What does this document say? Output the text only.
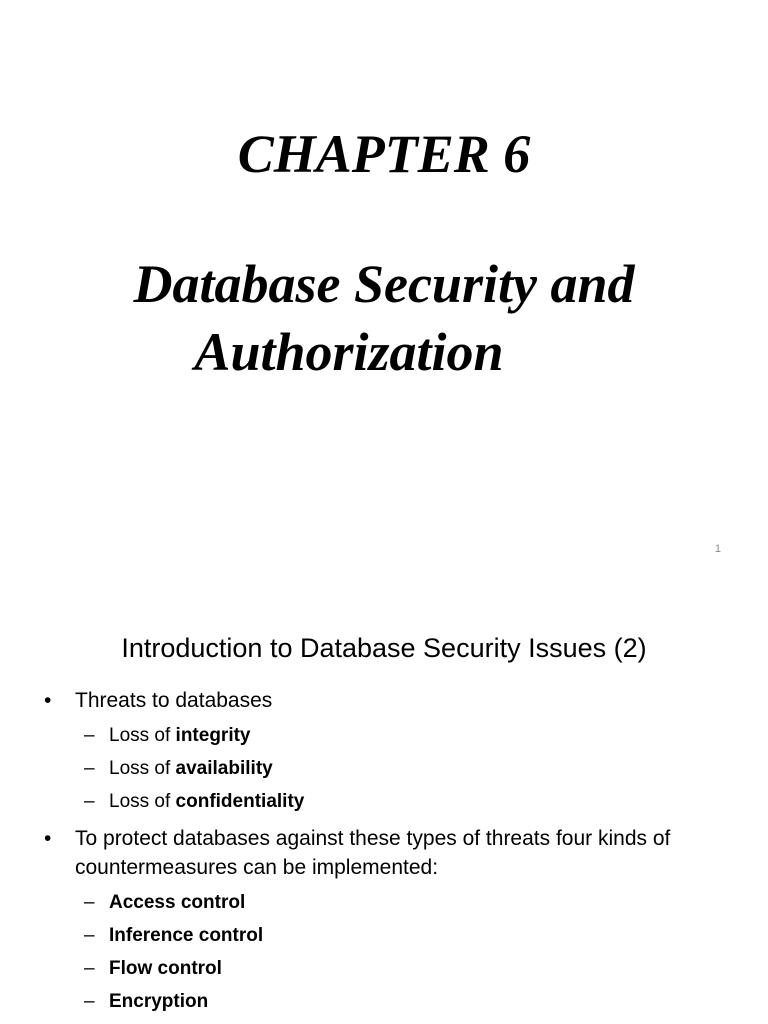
CHAPTER 6
Database Security and
Authorization
1
Introduction to Database Security Issues (2)
• Threats to databases
– Loss of integrity
– Loss of availability
– Loss of confidentiality
• To protect databases against these types of threats four kinds of countermeasures can be implemented:
– Access control
– Inference control
– Flow control
– Encryption
